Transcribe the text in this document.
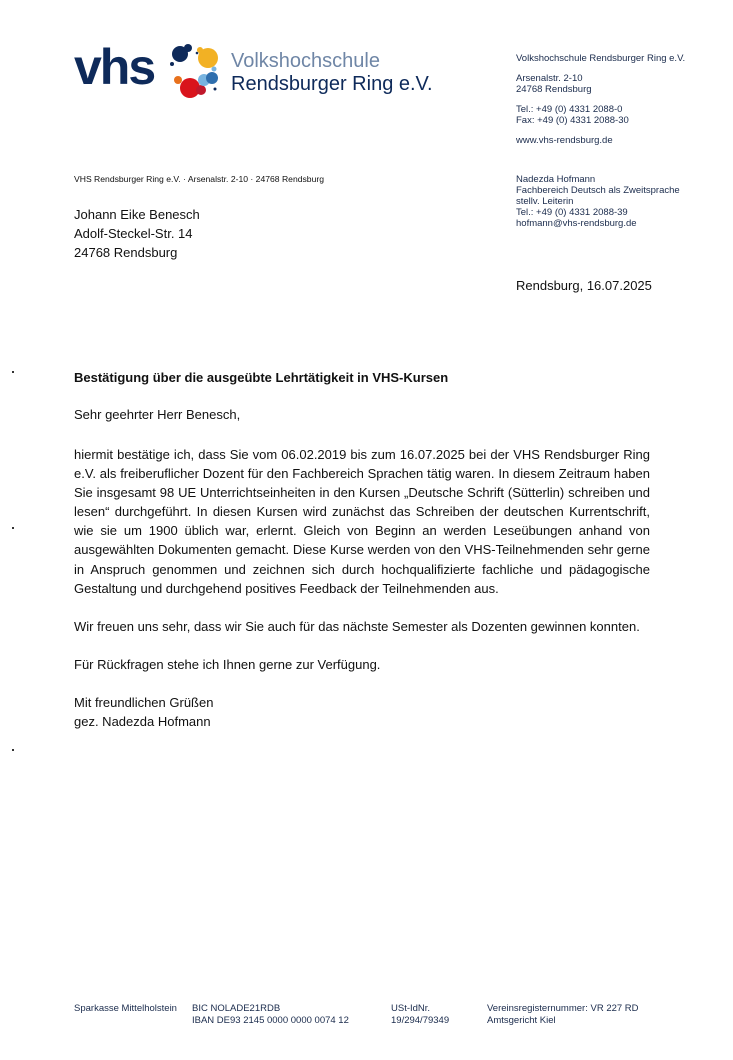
vhs	Volkshochschule
Rendsburger Ring e.V.
Volkshochschule Rendsburger Ring e.V.
Arsenalstr. 2-10
24768 Rendsburg
Tel.: +49 (0) 4331 2088-0
Fax: +49 (0) 4331 2088-30
www.vhs-rendsburg.de
Nadezda Hofmann
Fachbereich Deutsch als Zweitsprache
stellv. Leiterin
Tel.: +49 (0) 4331 2088-39
hofmann@vhs-rendsburg.de
VHS Rendsburger Ring e.V. · Arsenalstr. 2-10 · 24768 Rendsburg
Johann Eike Benesch
Adolf-Steckel-Str. 14
24768 Rendsburg
Rendsburg, 16.07.2025
Bestätigung über die ausgeübte Lehrtätigkeit in VHS-Kursen
Sehr geehrter Herr Benesch,
hiermit bestätige ich, dass Sie vom 06.02.2019 bis zum 16.07.2025 bei der VHS Rendsburger Ring e.V. als freiberuflicher Dozent für den Fachbereich Sprachen tätig waren. In diesem Zeitraum haben Sie insgesamt 98 UE Unterrichtseinheiten in den Kursen „Deutsche Schrift (Sütterlin) schreiben und lesen“ durchgeführt. In diesen Kursen wird zunächst das Schreiben der deutschen Kurrentschrift, wie sie um 1900 üblich war, erlernt. Gleich von Beginn an werden Leseübungen anhand von ausgewählten Dokumenten gemacht. Diese Kurse werden von den VHS-Teilnehmenden sehr gerne in Anspruch genommen und zeichnen sich durch hochqualifizierte fachliche und pädagogische Gestaltung und durchgehend positives Feedback der Teilnehmenden aus.
Wir freuen uns sehr, dass wir Sie auch für das nächste Semester als Dozenten gewinnen konnten.
Für Rückfragen stehe ich Ihnen gerne zur Verfügung.
Mit freundlichen Grüßen
gez. Nadezda Hofmann
Sparkasse Mittelholstein BIC NOLADE21RDB
IBAN DE93 2145 0000 0000 0074 12
USt-IdNr.
19/294/79349
Vereinsregisternummer: VR 227 RD
Amtsgericht Kiel
